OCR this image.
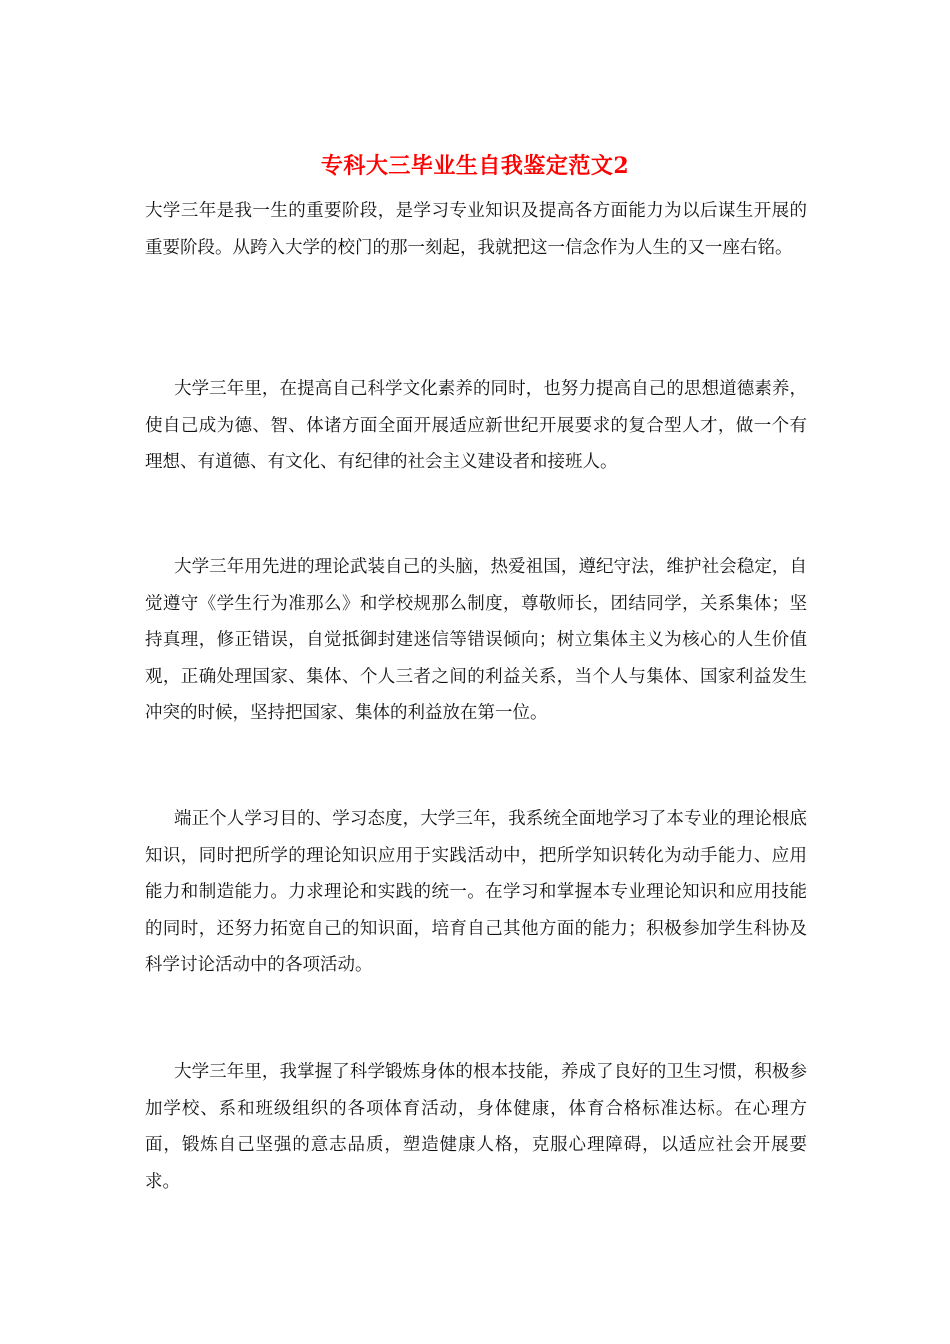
专科大三毕业生自我鉴定范文2

大学三年是我一生的重要阶段，是学习专业知识及提高各方面能力为以后谋生开展的重要阶段。从跨入大学的校门的那一刻起，我就把这一信念作为人生的又一座右铭。

大学三年里，在提高自己科学文化素养的同时，也努力提高自己的思想道德素养，使自己成为德、智、体诸方面全面开展适应新世纪开展要求的复合型人才，做一个有理想、有道德、有文化、有纪律的社会主义建设者和接班人。

大学三年用先进的理论武装自己的头脑，热爱祖国，遵纪守法，维护社会稳定，自觉遵守《学生行为准那么》和学校规那么制度，尊敬师长，团结同学，关系集体；坚持真理，修正错误，自觉抵御封建迷信等错误倾向；树立集体主义为核心的人生价值观，正确处理国家、集体、个人三者之间的利益关系，当个人与集体、国家利益发生冲突的时候，坚持把国家、集体的利益放在第一位。

端正个人学习目的、学习态度，大学三年，我系统全面地学习了本专业的理论根底知识，同时把所学的理论知识应用于实践活动中，把所学知识转化为动手能力、应用能力和制造能力。力求理论和实践的统一。在学习和掌握本专业理论知识和应用技能的同时，还努力拓宽自己的知识面，培育自己其他方面的能力；积极参加学生科协及科学讨论活动中的各项活动。

大学三年里，我掌握了科学锻炼身体的根本技能，养成了良好的卫生习惯，积极参加学校、系和班级组织的各项体育活动，身体健康，体育合格标准达标。在心理方面，锻炼自己坚强的意志品质，塑造健康人格，克服心理障碍，以适应社会开展要求。
